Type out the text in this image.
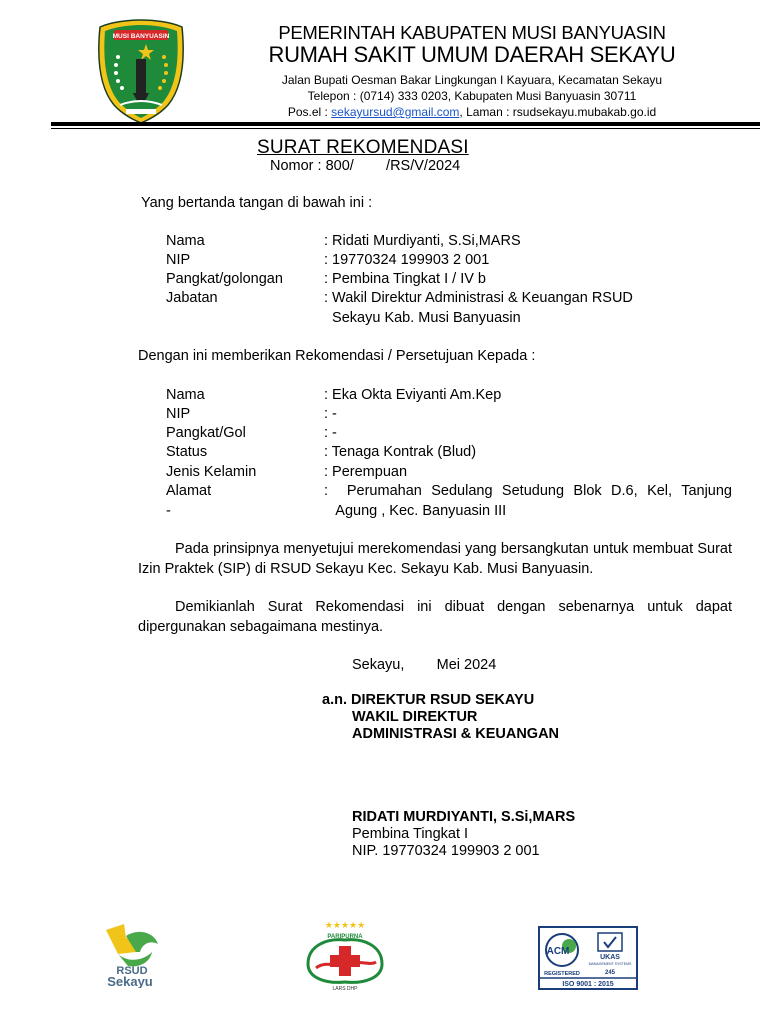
MUSI BANYUASIN	PEMERINTAH KABUPATEN MUSI BANYUASIN
RUMAH SAKIT UMUM DAERAH SEKAYU
Jalan Bupati Oesman Bakar Lingkungan I Kayuara, Kecamatan Sekayu
Telepon : (0714) 333 0203, Kabupaten Musi Banyuasin 30711
Pos.el : sekayursud@gmail.com, Laman : rsudsekayu.mubakab.go.id
SURAT REKOMENDASI
Nomor : 800/        /RS/V/2024
Yang bertanda tangan di bawah ini :
Nama	: Ridati Murdiyanti, S.Si,MARS
NIP	: 19770324 199903 2 001
Pangkat/golongan	: Pembina Tingkat I / IV b
Jabatan	: Wakil Direktur Administrasi & Keuangan RSUD
Sekayu Kab. Musi Banyuasin
Dengan ini memberikan Rekomendasi / Persetujuan Kepada :
Nama	: Eka Okta Eviyanti Am.Kep
NIP	: -
Pangkat/Gol	: -
Status	: Tenaga Kontrak (Blud)
Jenis Kelamin	: Perempuan
Alamat	:  Perumahan Sedulang Setudung Blok D.6, Kel, Tanjung
-	Agung , Kec. Banyuasin III
Pada prinsipnya menyetujui merekomendasi yang bersangkutan untuk membuat Surat Izin Praktek (SIP) di RSUD Sekayu Kec. Sekayu Kab. Musi Banyuasin.
Demikianlah Surat Rekomendasi ini dibuat dengan sebenarnya untuk dapat dipergunakan sebagaimana mestinya.
Sekayu,        Mei 2024
a.n. DIREKTUR RSUD SEKAYU
WAKIL DIREKTUR
ADMINISTRASI & KEUANGAN
RIDATI MURDIYANTI, S.Si,MARS
Pembina Tingkat I
NIP. 19770324 199903 2 001
RSUD
Sekayu
★★★★★
PARIPURNA
LARS DHP
ACM
REGISTERED
UKAS
MANAGEMENT SYSTEMS
245
ISO 9001 : 2015
